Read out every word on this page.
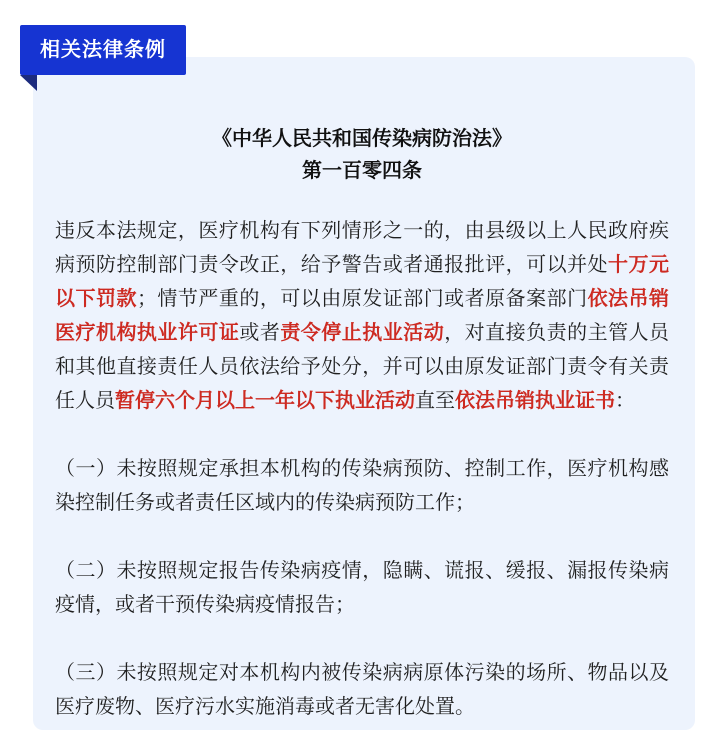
相关法律条例
《中华人民共和国传染病防治法》
第一百零四条
违反本法规定，医疗机构有下列情形之一的，由县级以上人民政府疾病预防控制部门责令改正，给予警告或者通报批评，可以并处十万元以下罚款；情节严重的，可以由原发证部门或者原备案部门依法吊销医疗机构执业许可证或者责令停止执业活动，对直接负责的主管人员和其他直接责任人员依法给予处分，并可以由原发证部门责令有关责任人员暂停六个月以上一年以下执业活动直至依法吊销执业证书：
（一）未按照规定承担本机构的传染病预防、控制工作，医疗机构感染控制任务或者责任区域内的传染病预防工作；
（二）未按照规定报告传染病疫情，隐瞒、谎报、缓报、漏报传染病疫情，或者干预传染病疫情报告；
（三）未按照规定对本机构内被传染病病原体污染的场所、物品以及医疗废物、医疗污水实施消毒或者无害化处置。
